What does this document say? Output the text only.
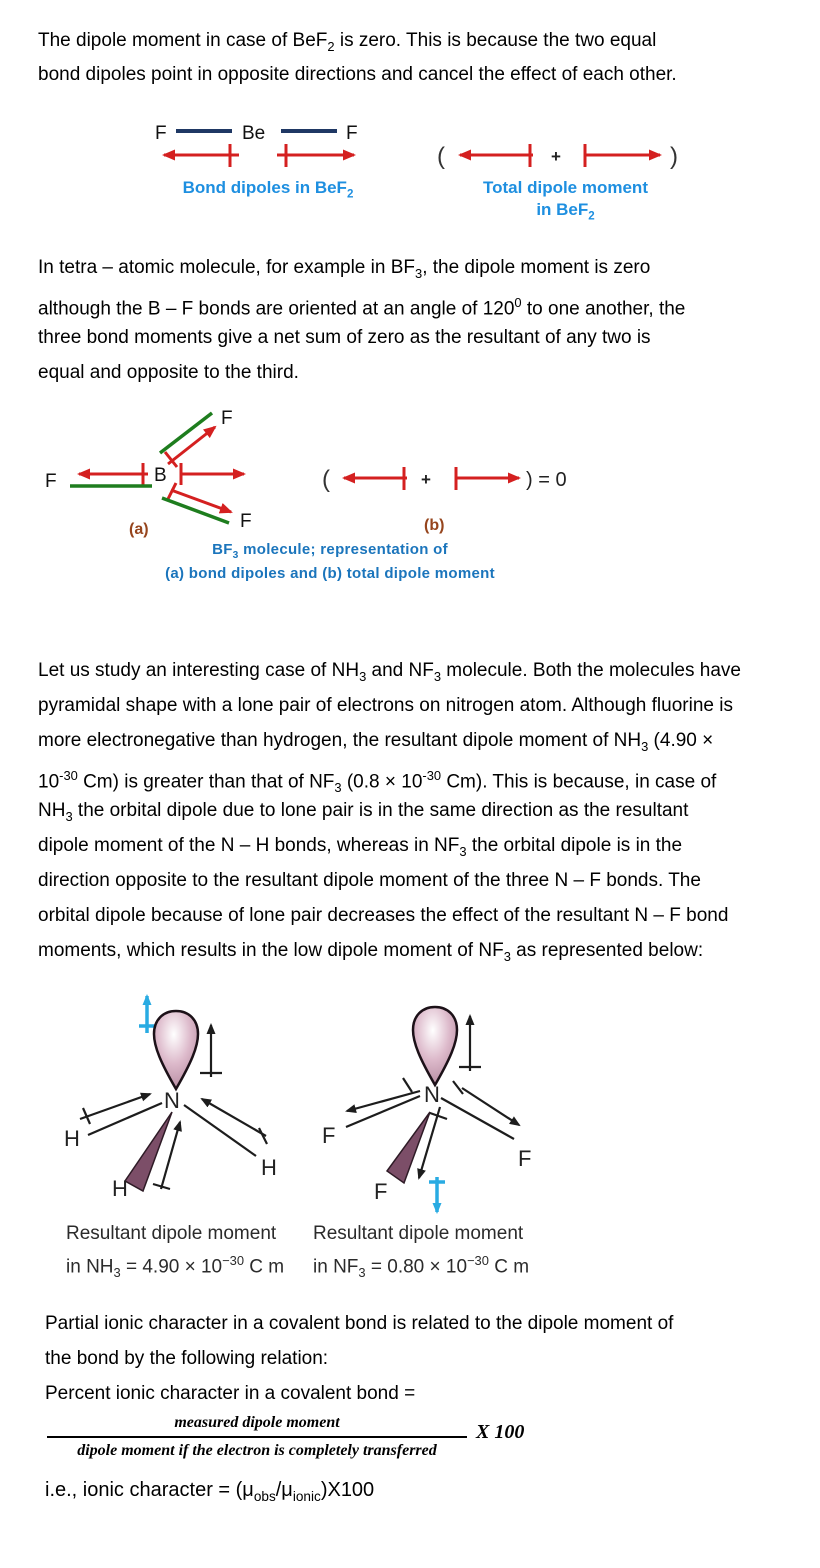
The dipole moment in case of BeF$_2$ is zero. This is because the two equal
bond dipoles point in opposite directions and cancel the effect of each other.
F	Be	F
(	+	)
F
B
F
F
(a)
(	+	) = 0
(b)
N
H
H
H
N
F
F
F
Bond dipoles in BeF$_2$	Total dipole moment
in BeF$_2$
In tetra – atomic molecule, for example in $BF_3$, the dipole moment is zero
although the B – F bonds are oriented at an angle of $120^0$ to one another, the
three bond moments give a net sum of zero as the resultant of any two is
equal and opposite to the third.
$BF_3$ molecule; representation of
(a) bond dipoles and (b) total dipole moment
Let us study an interesting case of $NH_3$ and $NF_3$ molecule. Both the molecules have
pyramidal shape with a lone pair of electrons on nitrogen atom. Although fluorine is
more electronegative than hydrogen, the resultant dipole moment of $NH_3$ (4.90 ×
$10^{-30}$ Cm) is greater than that of $NF_3$ ($0.8 \times 10^{-30}$ Cm). This is because, in case of
$NH_3$ the orbital dipole due to lone pair is in the same direction as the resultant
dipole moment of the N – H bonds, whereas in $NF_3$ the orbital dipole is in the
direction opposite to the resultant dipole moment of the three N – F bonds. The
orbital dipole because of lone pair decreases the effect of the resultant N – F bond
moments, which results in the low dipole moment of $NF_3$ as represented below:
Resultant dipole moment
in $NH_3 = 4.90 \times 10^{-30}$ C m
Resultant dipole moment
in $NF_3 = 0.80 \times 10^{-30}$ C m
Partial ionic character in a covalent bond is related to the dipole moment of
the bond by the following relation:
Percent ionic character in a covalent bond =
measured dipole moment
dipole moment if the electron is completely transferred
X 100
i.e., ionic character = $(\mu_{obs}/\mu_{ionic})X100$
